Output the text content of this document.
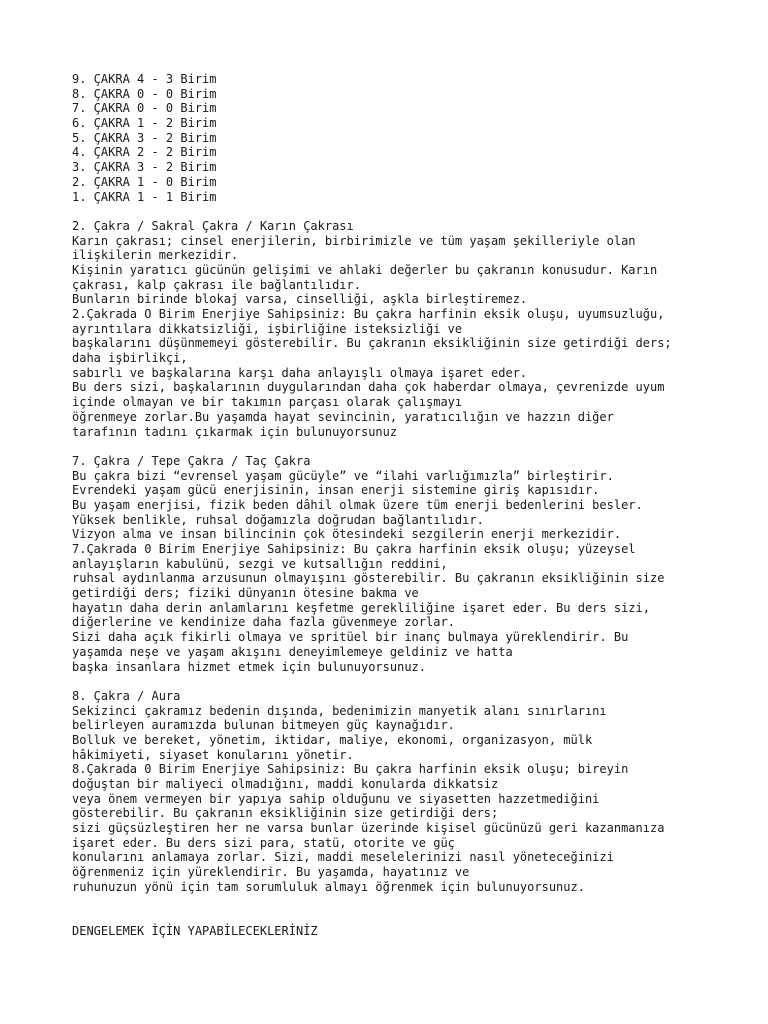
9. ÇAKRA 4 - 3 Birim
8. ÇAKRA 0 - 0 Birim
7. ÇAKRA 0 - 0 Birim
6. ÇAKRA 1 - 2 Birim
5. ÇAKRA 3 - 2 Birim
4. ÇAKRA 2 - 2 Birim
3. ÇAKRA 3 - 2 Birim
2. ÇAKRA 1 - 0 Birim
1. ÇAKRA 1 - 1 Birim
2. Çakra / Sakral Çakra / Karın Çakrası
Karın çakrası; cinsel enerjilerin, birbirimizle ve tüm yaşam şekilleriyle olan
ilişkilerin merkezidir.
Kişinin yaratıcı gücünün gelişimi ve ahlaki değerler bu çakranın konusudur. Karın
çakrası, kalp çakrası ile bağlantılıdır.
Bunların birinde blokaj varsa, cinselliği, aşkla birleştiremez.
2.Çakrada O Birim Enerjiye Sahipsiniz: Bu çakra harfinin eksik oluşu, uyumsuzluğu,
ayrıntılara dikkatsizliği, işbirliğine isteksizliği ve
başkalarını düşünmemeyi gösterebilir. Bu çakranın eksikliğinin size getirdiği ders;
daha işbirlikçi,
sabırlı ve başkalarına karşı daha anlayışlı olmaya işaret eder.
Bu ders sizi, başkalarının duygularından daha çok haberdar olmaya, çevrenizde uyum
içinde olmayan ve bir takımın parçası olarak çalışmayı
öğrenmeye zorlar.Bu yaşamda hayat sevincinin, yaratıcılığın ve hazzın diğer
tarafının tadını çıkarmak için bulunuyorsunuz
7. Çakra / Tepe Çakra / Taç Çakra
Bu çakra bizi “evrensel yaşam gücüyle” ve “ilahi varlığımızla” birleştirir.
Evrendeki yaşam gücü enerjisinin, insan enerji sistemine giriş kapısıdır.
Bu yaşam enerjisi, fizik beden dâhil olmak üzere tüm enerji bedenlerini besler.
Yüksek benlikle, ruhsal doğamızla doğrudan bağlantılıdır.
Vizyon alma ve insan bilincinin çok ötesindeki sezgilerin enerji merkezidir.
7.Çakrada 0 Birim Enerjiye Sahipsiniz: Bu çakra harfinin eksik oluşu; yüzeysel
anlayışların kabulünü, sezgi ve kutsallığın reddini,
ruhsal aydınlanma arzusunun olmayışını gösterebilir. Bu çakranın eksikliğinin size
getirdiği ders; fiziki dünyanın ötesine bakma ve
hayatın daha derin anlamlarını keşfetme gerekliliğine işaret eder. Bu ders sizi,
diğerlerine ve kendinize daha fazla güvenmeye zorlar.
Sizi daha açık fikirli olmaya ve spritüel bir inanç bulmaya yüreklendirir. Bu
yaşamda neşe ve yaşam akışını deneyimlemeye geldiniz ve hatta
başka insanlara hizmet etmek için bulunuyorsunuz.
8. Çakra / Aura
Sekizinci çakramız bedenin dışında, bedenimizin manyetik alanı sınırlarını
belirleyen auramızda bulunan bitmeyen güç kaynağıdır.
Bolluk ve bereket, yönetim, iktidar, maliye, ekonomi, organizasyon, mülk
hâkimiyeti, siyaset konularını yönetir.
8.Çakrada 0 Birim Enerjiye Sahipsiniz: Bu çakra harfinin eksik oluşu; bireyin
doğuştan bir maliyeci olmadığını, maddi konularda dikkatsiz
veya önem vermeyen bir yapıya sahip olduğunu ve siyasetten hazzetmediğini
gösterebilir. Bu çakranın eksikliğinin size getirdiği ders;
sizi güçsüzleştiren her ne varsa bunlar üzerinde kişisel gücünüzü geri kazanmanıza
işaret eder. Bu ders sizi para, statü, otorite ve güç
konularını anlamaya zorlar. Sizi, maddi meselelerinizi nasıl yöneteceğinizi
öğrenmeniz için yüreklendirir. Bu yaşamda, hayatınız ve
ruhunuzun yönü için tam sorumluluk almayı öğrenmek için bulunuyorsunuz.
DENGELEMEK İÇİN YAPABİLECEKLERİNİZ
